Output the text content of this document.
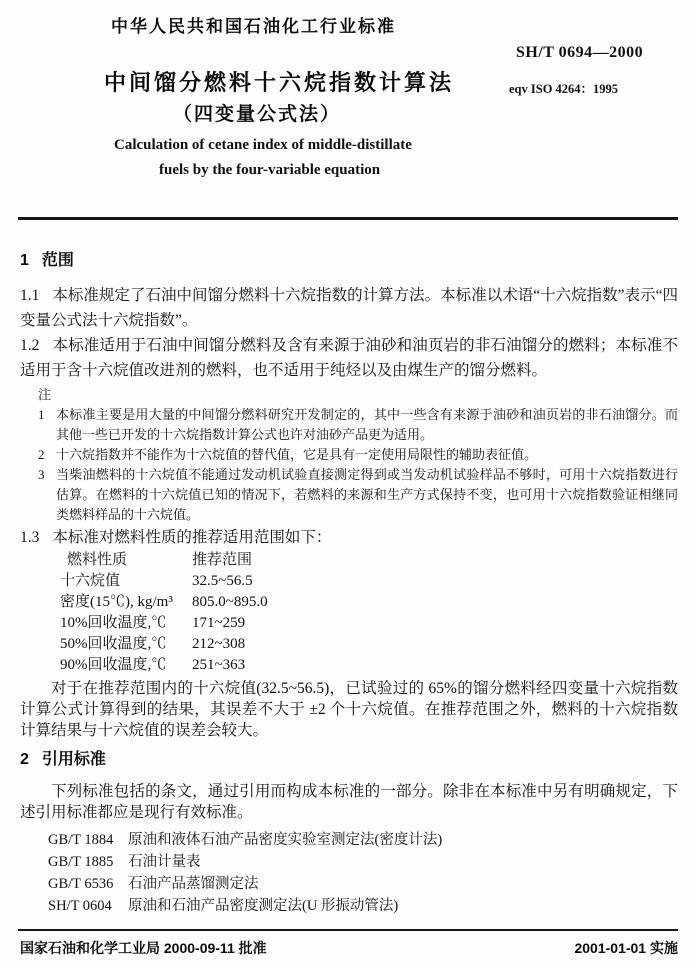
中华人民共和国石油化工行业标准
SH/T 0694—2000
中间馏分燃料十六烷指数计算法	eqv ISO 4264：1995
（四变量公式法）
Calculation of cetane index of middle-distillate
fuels by the four-variable equation
1 范围

1.1 本标准规定了石油中间馏分燃料十六烷指数的计算方法。本标准以术语“十六烷指数”表示“四变量公式法十六烷指数”。

1.2 本标准适用于石油中间馏分燃料及含有来源于油砂和油页岩的非石油馏分的燃料；本标准不适用于含十六烷值改进剂的燃料，也不适用于纯烃以及由煤生产的馏分燃料。

注
1 本标准主要是用大量的中间馏分燃料研究开发制定的，其中一些含有来源于油砂和油页岩的非石油馏分。而其他一些已开发的十六烷指数计算公式也许对油砂产品更为适用。
2 十六烷指数并不能作为十六烷值的替代值，它是具有一定使用局限性的辅助表征值。
3 当柴油燃料的十六烷值不能通过发动机试验直接测定得到或当发动机试验样品不够时，可用十六烷指数进行估算。在燃料的十六烷值已知的情况下，若燃料的来源和生产方式保持不变，也可用十六烷指数验证相继同类燃料样品的十六烷值。

1.3 本标准对燃料性质的推荐适用范围如下：

燃料性质	推荐范围
十六烷值	32.5~56.5
密度(15℃), kg/m³ 805.0~895.0
10%回收温度,℃ 171~259
50%回收温度,℃ 212~308
90%回收温度,℃ 251~363

对于在推荐范围内的十六烷值(32.5~56.5)，已试验过的 65%的馏分燃料经四变量十六烷指数计算公式计算得到的结果，其误差不大于 ±2 个十六烷值。在推荐范围之外，燃料的十六烷指数计算结果与十六烷值的误差会较大。

2 引用标准

下列标准包括的条文，通过引用而构成本标准的一部分。除非在本标准中另有明确规定，下述引用标准都应是现行有效标准。

GB/T 1884 原油和液体石油产品密度实验室测定法(密度计法)
GB/T 1885 石油计量表
GB/T 6536 石油产品蒸馏测定法
SH/T 0604 原油和石油产品密度测定法(U 形振动管法)
国家石油和化学工业局 2000-09-11 批准	2001-01-01 实施
